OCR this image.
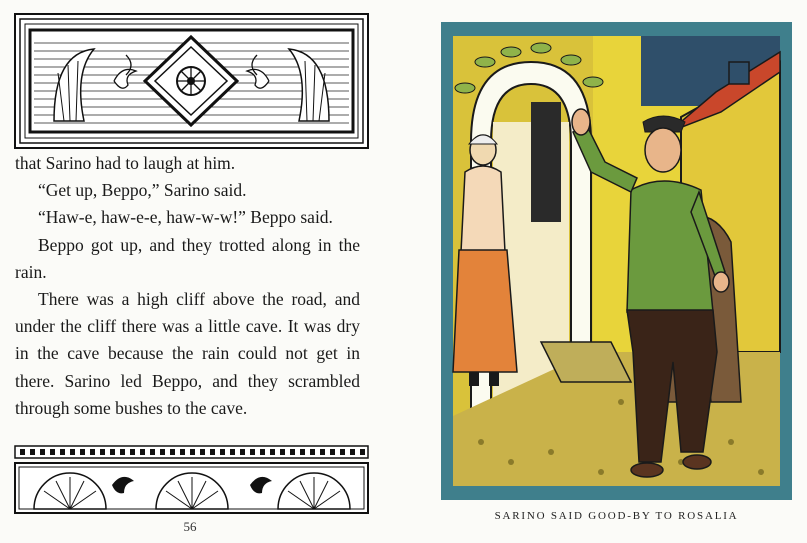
that Sarino had to laugh at him.

“Get up, Beppo,” Sarino said.

“Haw-e, haw-e-e, haw-w-w!” Beppo said.

Beppo got up, and they trotted along in the rain.

There was a high cliff above the road, and under the cliff there was a little cave. It was dry in the cave because the rain could not get in there. Sarino led Beppo, and they scrambled through some bushes to the cave.

56
SARINO SAID GOOD-BY TO ROSALIA
